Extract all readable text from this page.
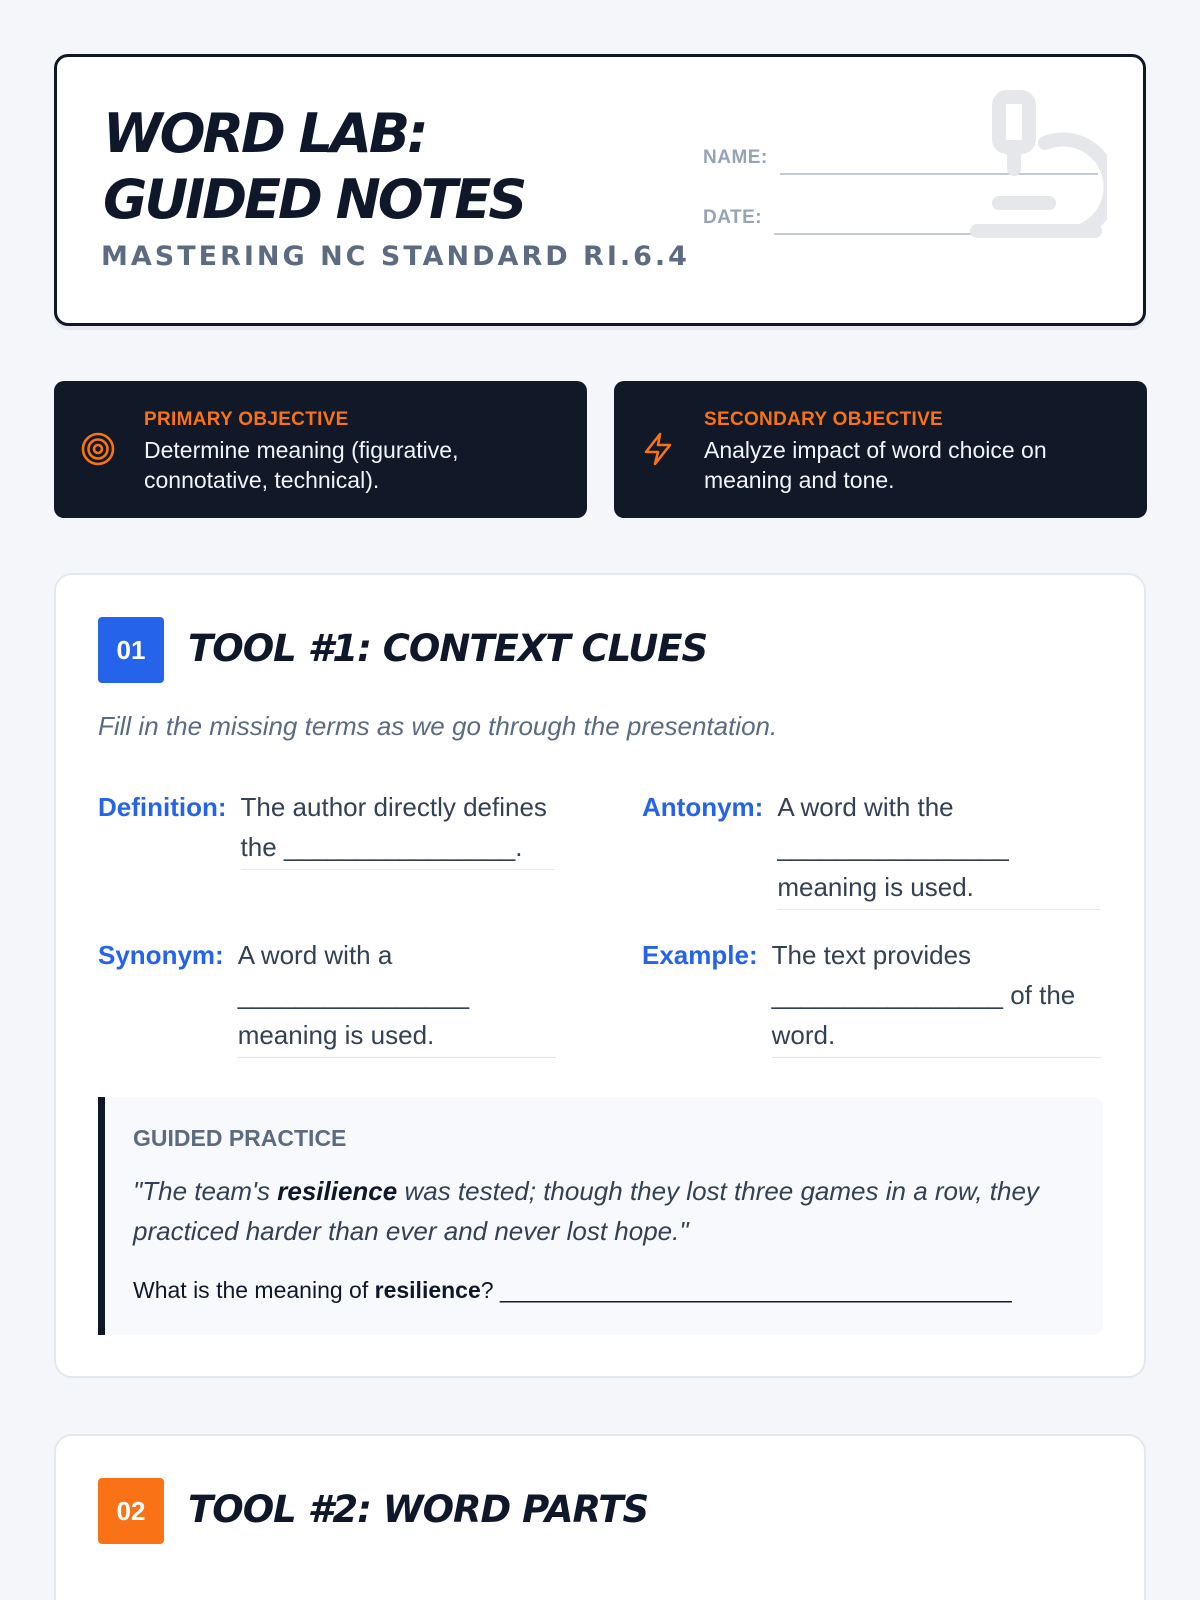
WORD LAB:
GUIDED NOTES
MASTERING NC STANDARD RI.6.4
NAME:
DATE:
PRIMARY OBJECTIVE
Determine meaning (figurative, connotative, technical).
SECONDARY OBJECTIVE
Analyze impact of word choice on meaning and tone.
01	TOOL #1: CONTEXT CLUES
Fill in the missing terms as we go through the presentation.
Definition: The author directly defines the ________________.
Antonym: A word with the ________________ meaning is used.
Synonym: A word with a ________________ meaning is used.
Example: The text provides ________________ of the word.
GUIDED PRACTICE
"The team's resilience was tested; though they lost three games in a row, they practiced harder than ever and never lost hope."
What is the meaning of resilience? ________________________________________
02	TOOL #2: WORD PARTS
